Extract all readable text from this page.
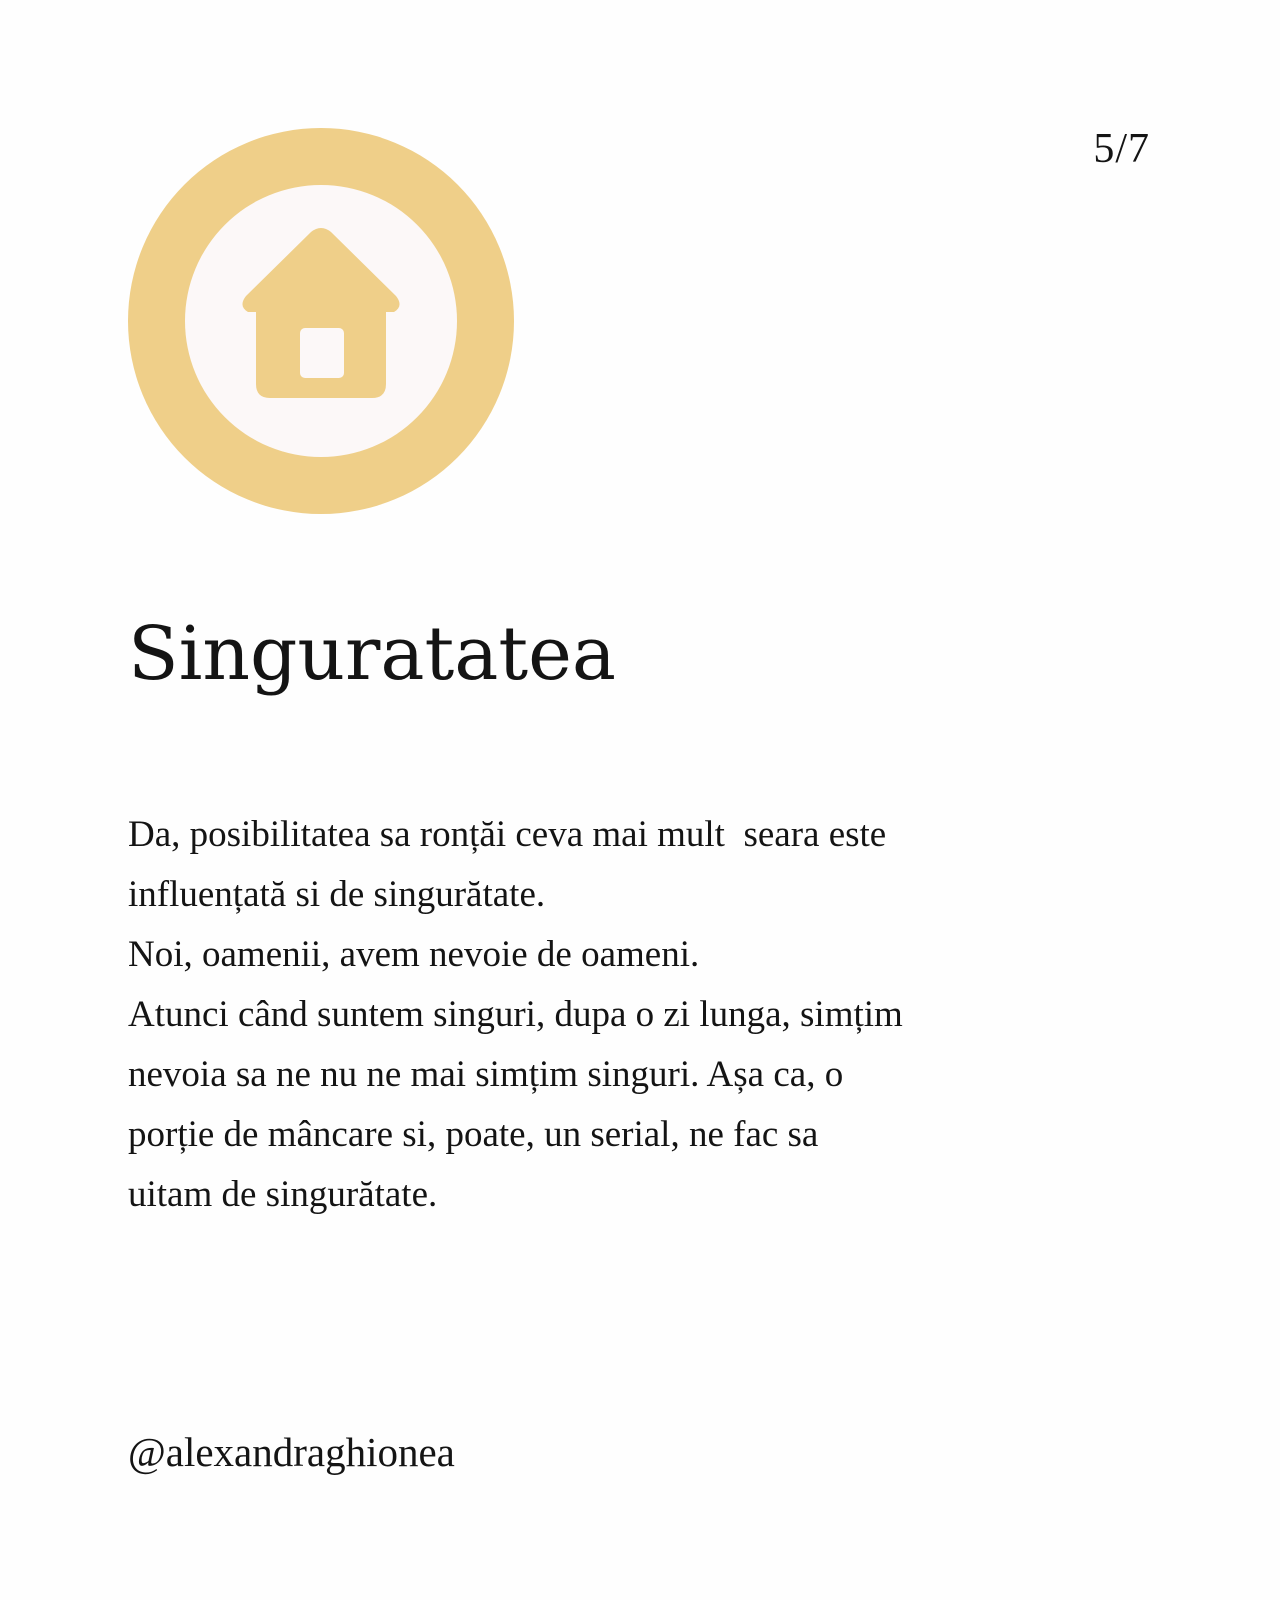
5/7
Singuratatea
Da, posibilitatea sa ronțăi ceva mai mult  seara este
influențată si de singurătate.
Noi, oamenii, avem nevoie de oameni.
Atunci când suntem singuri, dupa o zi lunga, simțim
nevoia sa ne nu ne mai simțim singuri. Așa ca, o
porție de mâncare si, poate, un serial, ne fac sa
uitam de singurătate.
@alexandraghionea
